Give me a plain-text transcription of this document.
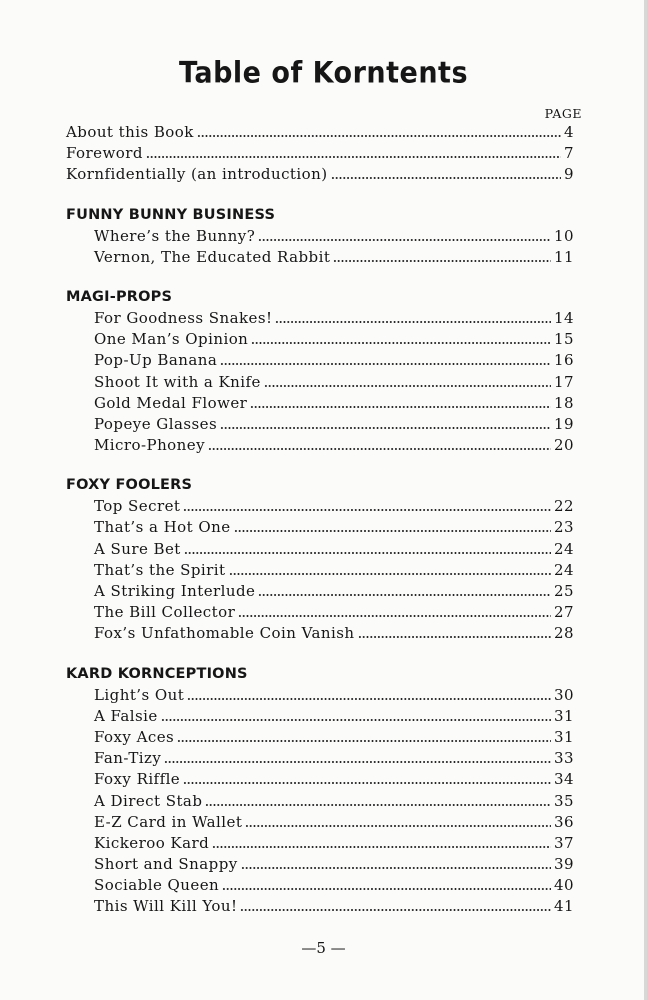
Table of Korntents
PAGE
About this Book	4
Foreword	7
Kornfidentially (an introduction)	9
FUNNY BUNNY BUSINESS
Where’s the Bunny?	10
Vernon, The Educated Rabbit	11
MAGI-PROPS
For Goodness Snakes!	14
One Man’s Opinion	15
Pop-Up Banana	16
Shoot It with a Knife	17
Gold Medal Flower	18
Popeye Glasses	19
Micro-Phoney	20
FOXY FOOLERS
Top Secret	22
That’s a Hot One	23
A Sure Bet	24
That’s the Spirit	24
A Striking Interlude	25
The Bill Collector	27
Fox’s Unfathomable Coin Vanish	28
KARD KORNCEPTIONS
Light’s Out	30
A Falsie	31
Foxy Aces	31
Fan-Tizy	33
Foxy Riffle	34
A Direct Stab	35
E-Z Card in Wallet	36
Kickeroo Kard	37
Short and Snappy	39
Sociable Queen	40
This Will Kill You!	41
—5 —
